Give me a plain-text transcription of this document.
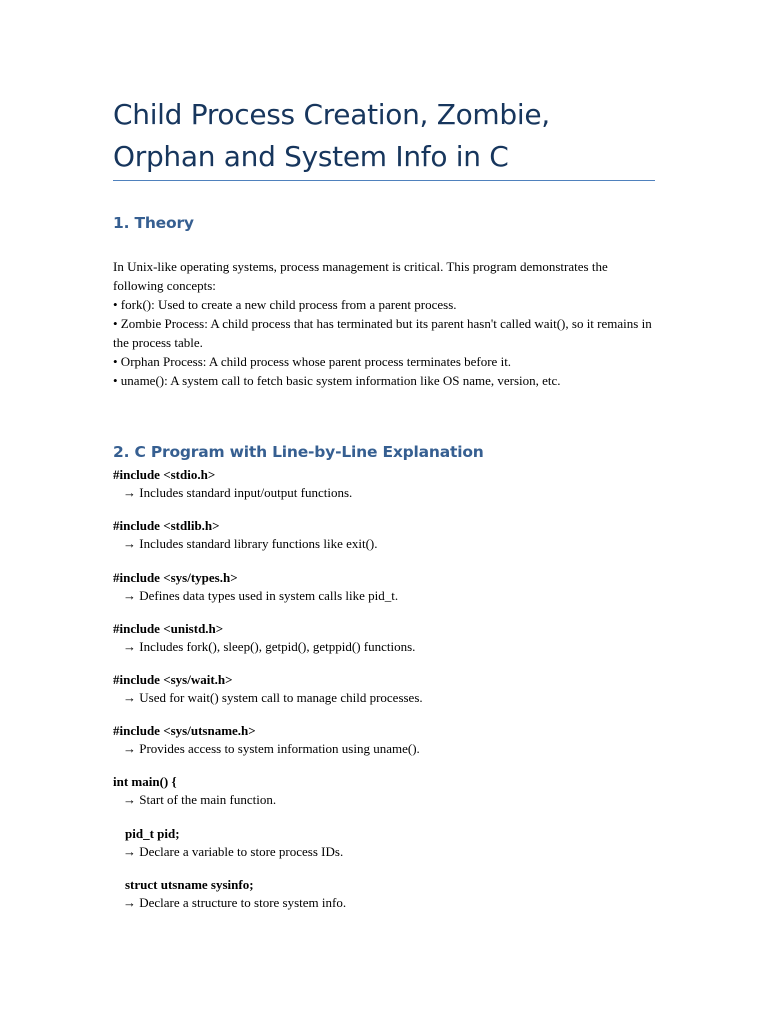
Child Process Creation, Zombie, Orphan and System Info in C
1. Theory

In Unix-like operating systems, process management is critical. This program demonstrates the following concepts:

• fork(): Used to create a new child process from a parent process.

• Zombie Process: A child process that has terminated but its parent hasn't called wait(), so it remains in the process table.

• Orphan Process: A child process whose parent process terminates before it.

• uname(): A system call to fetch basic system information like OS name, version, etc.

2. C Program with Line-by-Line Explanation
#include <stdio.h>
→ Includes standard input/output functions.
#include <stdlib.h>
→ Includes standard library functions like exit().
#include <sys/types.h>
→ Defines data types used in system calls like pid_t.
#include <unistd.h>
→ Includes fork(), sleep(), getpid(), getppid() functions.
#include <sys/wait.h>
→ Used for wait() system call to manage child processes.
#include <sys/utsname.h>
→ Provides access to system information using uname().
int main() {
→ Start of the main function.
pid_t pid;
→ Declare a variable to store process IDs.
struct utsname sysinfo;
→ Declare a structure to store system info.
